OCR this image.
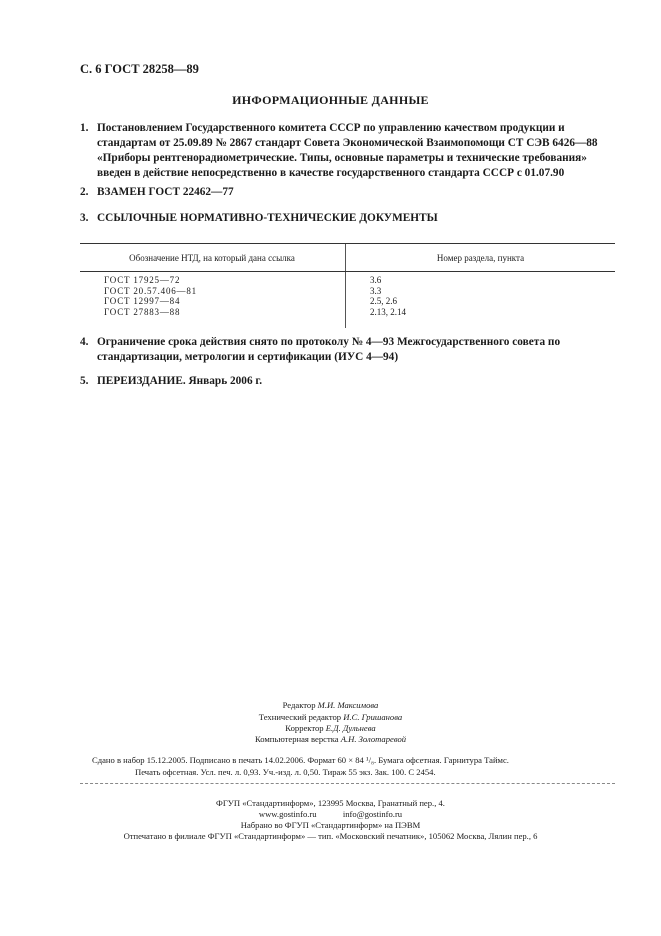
С. 6 ГОСТ 28258—89
ИНФОРМАЦИОННЫЕ ДАННЫЕ
1. Постановлением Государственного комитета СССР по управлению качеством продукции и стандартам от 25.09.89 № 2867 стандарт Совета Экономической Взаимопомощи СТ СЭВ 6426—88 «Приборы рентгенорадиометрические. Типы, основные параметры и технические требования» введен в действие непосредственно в качестве государственного стандарта СССР с 01.07.90
2. ВЗАМЕН ГОСТ 22462—77
3. ССЫЛОЧНЫЕ НОРМАТИВНО-ТЕХНИЧЕСКИЕ ДОКУМЕНТЫ
Обозначение НТД, на который дана ссылка	Номер раздела, пункта
ГОСТ 17925—72	3.6
ГОСТ 20.57.406—81	3.3
ГОСТ 12997—84	2.5, 2.6
ГОСТ 27883—88	2.13, 2.14
4. Ограничение срока действия снято по протоколу № 4—93 Межгосударственного совета по стандартизации, метрологии и сертификации (ИУС 4—94)
5. ПЕРЕИЗДАНИЕ. Январь 2006 г.
Редактор М.И. Максимова
Технический редактор И.С. Гришанова
Корректор Е.Д. Дульнева
Компьютерная верстка А.Н. Золотаревой
Сдано в набор 15.12.2005. Подписано в печать 14.02.2006. Формат 60 × 84 ¹/₈. Бумага офсетная. Гарнитура Таймс.
Печать офсетная. Усл. печ. л. 0,93. Уч.-изд. л. 0,50. Тираж 55 экз. Зак. 100. С 2454.
ФГУП «Стандартинформ», 123995 Москва, Гранатный пер., 4.
www.gostinfo.ru	info@gostinfo.ru
Набрано во ФГУП «Стандартинформ» на ПЭВМ
Отпечатано в филиале ФГУП «Стандартинформ» — тип. «Московский печатник», 105062 Москва, Лялин пер., 6
